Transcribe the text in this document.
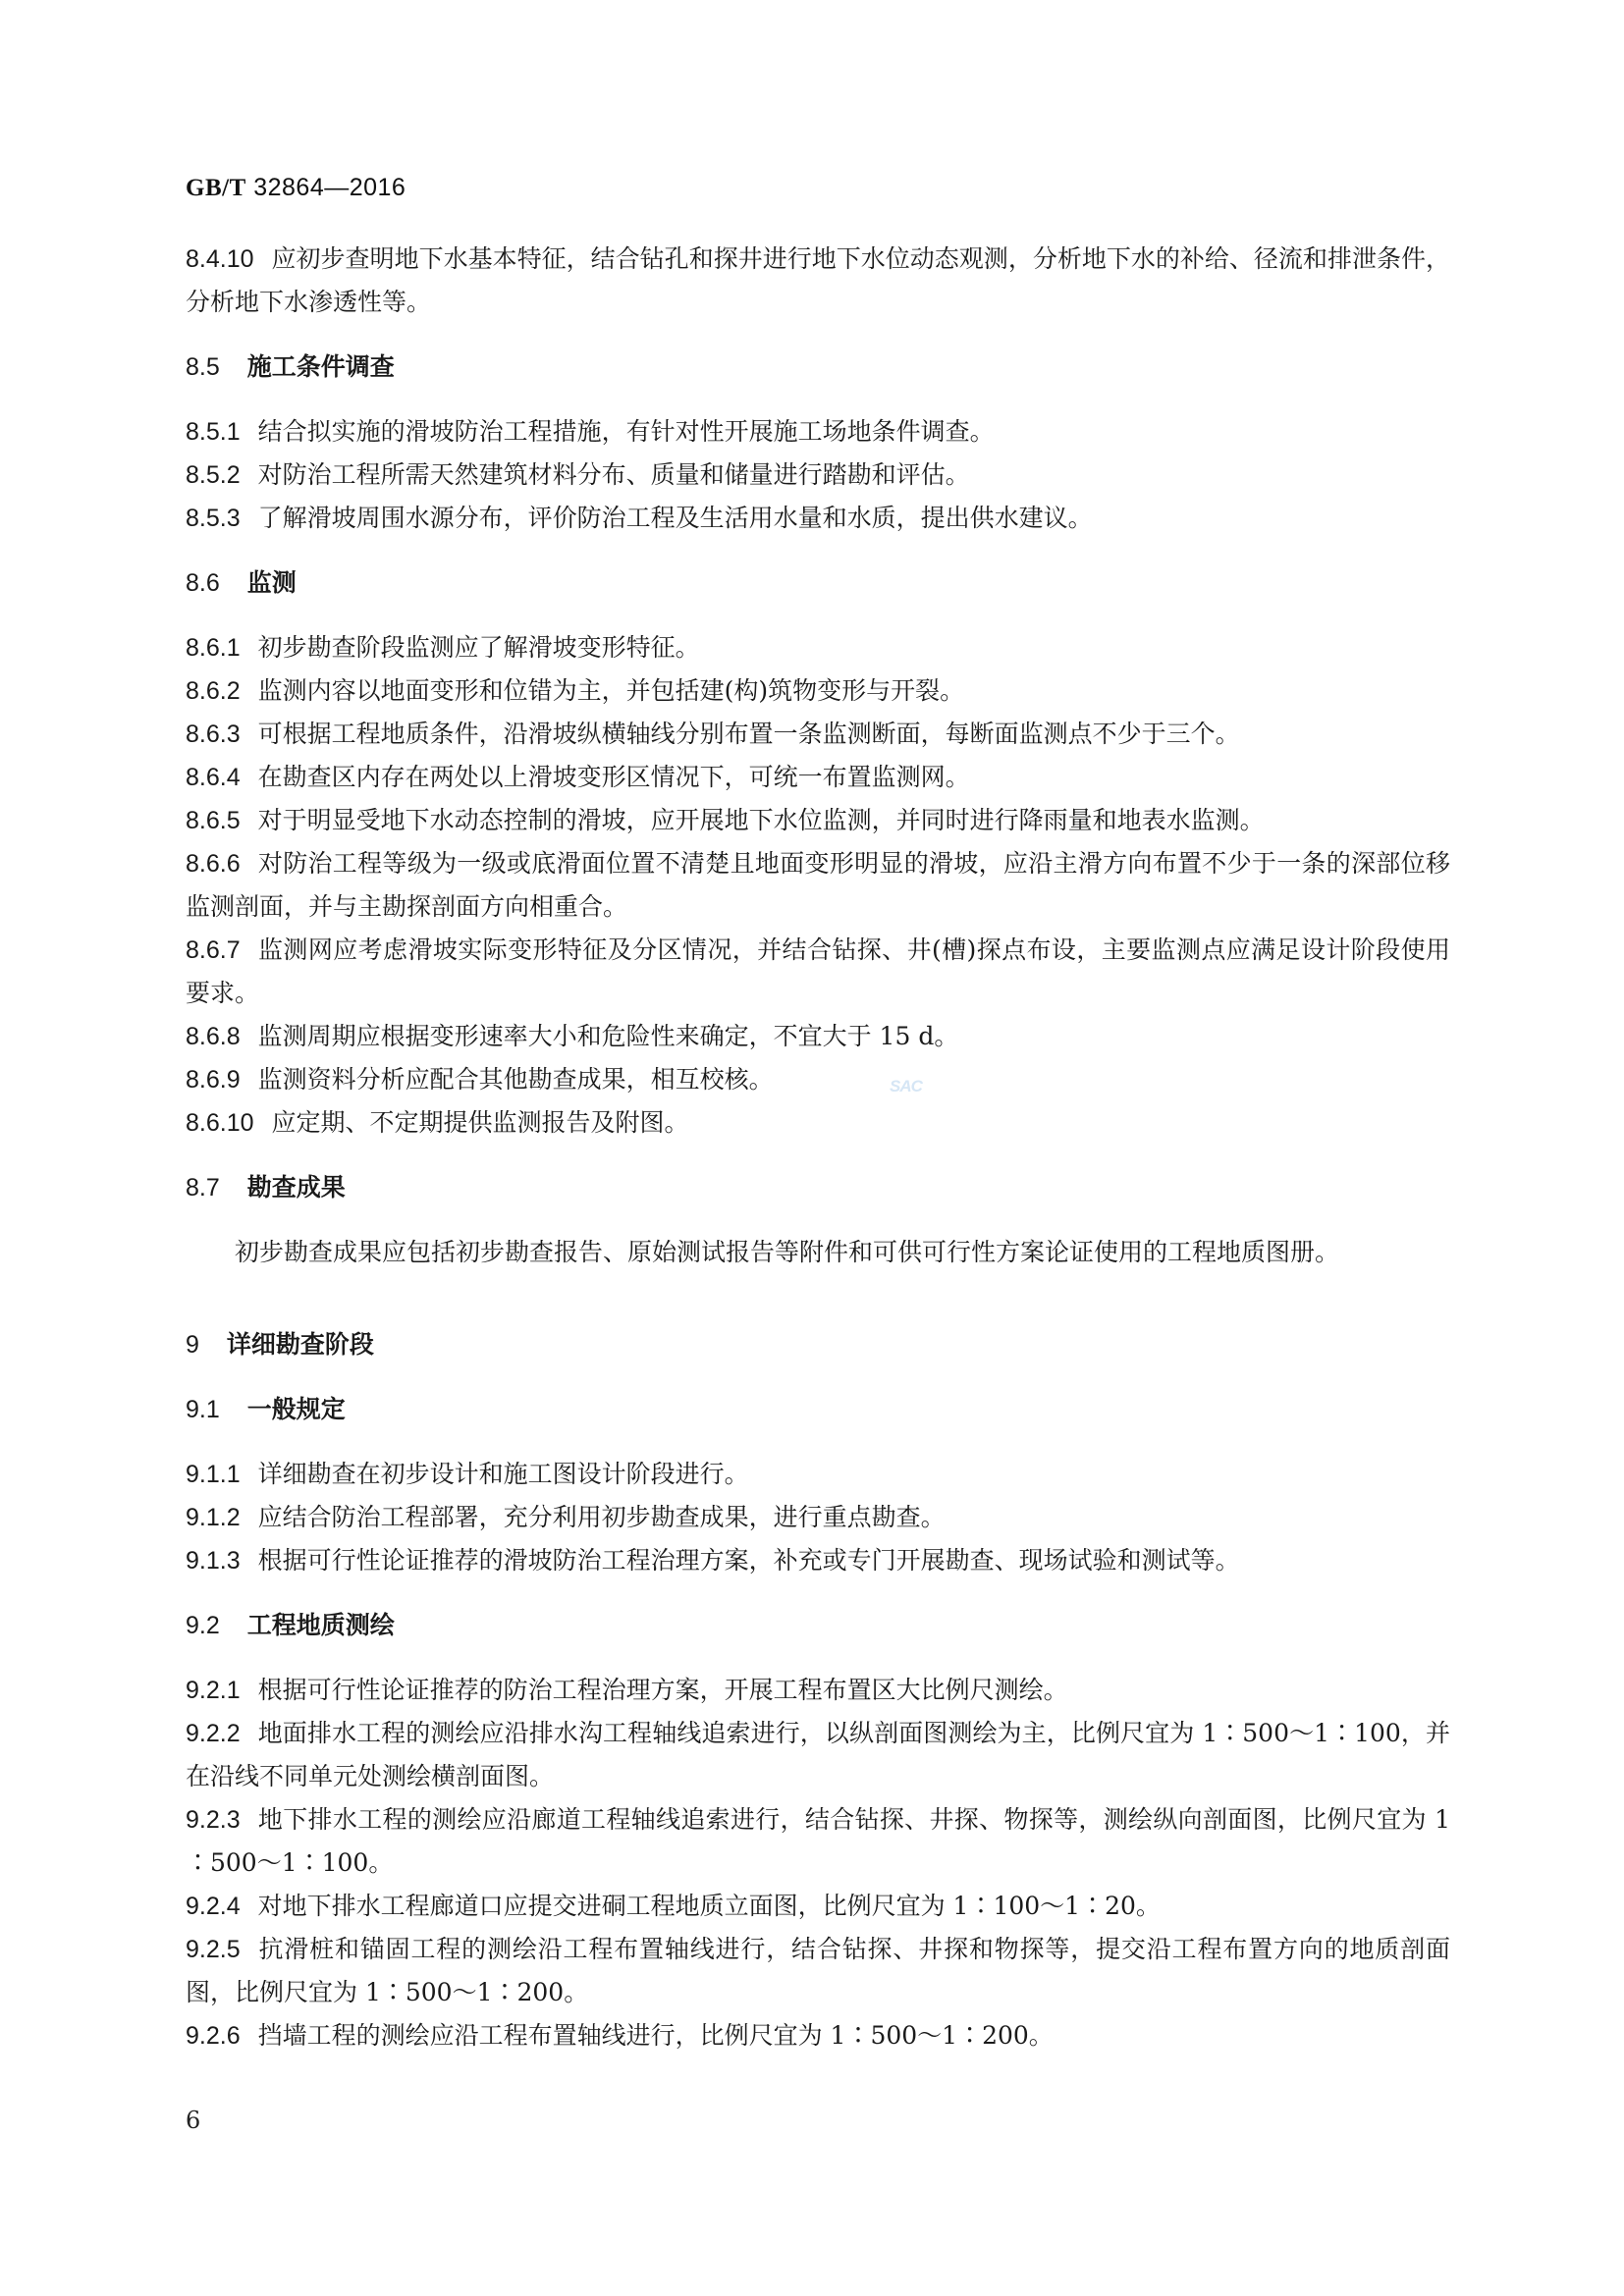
GB/T 32864—2016

8.4.10 应初步查明地下水基本特征，结合钻孔和探井进行地下水位动态观测，分析地下水的补给、径流和排泄条件，分析地下水渗透性等。

8.5 施工条件调查

8.5.1 结合拟实施的滑坡防治工程措施，有针对性开展施工场地条件调查。

8.5.2 对防治工程所需天然建筑材料分布、质量和储量进行踏勘和评估。

8.5.3 了解滑坡周围水源分布，评价防治工程及生活用水量和水质，提出供水建议。

8.6 监测

8.6.1 初步勘查阶段监测应了解滑坡变形特征。

8.6.2 监测内容以地面变形和位错为主，并包括建(构)筑物变形与开裂。

8.6.3 可根据工程地质条件，沿滑坡纵横轴线分别布置一条监测断面，每断面监测点不少于三个。

8.6.4 在勘查区内存在两处以上滑坡变形区情况下，可统一布置监测网。

8.6.5 对于明显受地下水动态控制的滑坡，应开展地下水位监测，并同时进行降雨量和地表水监测。

8.6.6 对防治工程等级为一级或底滑面位置不清楚且地面变形明显的滑坡，应沿主滑方向布置不少于一条的深部位移监测剖面，并与主勘探剖面方向相重合。

8.6.7 监测网应考虑滑坡实际变形特征及分区情况，并结合钻探、井(槽)探点布设，主要监测点应满足设计阶段使用要求。

8.6.8 监测周期应根据变形速率大小和危险性来确定，不宜大于 15 d。

8.6.9 监测资料分析应配合其他勘查成果，相互校核。

8.6.10 应定期、不定期提供监测报告及附图。

8.7 勘查成果

初步勘查成果应包括初步勘查报告、原始测试报告等附件和可供可行性方案论证使用的工程地质图册。

9 详细勘查阶段

9.1 一般规定

9.1.1 详细勘查在初步设计和施工图设计阶段进行。

9.1.2 应结合防治工程部署，充分利用初步勘查成果，进行重点勘查。

9.1.3 根据可行性论证推荐的滑坡防治工程治理方案，补充或专门开展勘查、现场试验和测试等。

9.2 工程地质测绘

9.2.1 根据可行性论证推荐的防治工程治理方案，开展工程布置区大比例尺测绘。

9.2.2 地面排水工程的测绘应沿排水沟工程轴线追索进行，以纵剖面图测绘为主，比例尺宜为 1∶500～1∶100，并在沿线不同单元处测绘横剖面图。

9.2.3 地下排水工程的测绘应沿廊道工程轴线追索进行，结合钻探、井探、物探等，测绘纵向剖面图，比例尺宜为 1∶500～1∶100。

9.2.4 对地下排水工程廊道口应提交进硐工程地质立面图，比例尺宜为 1∶100～1∶20。

9.2.5 抗滑桩和锚固工程的测绘沿工程布置轴线进行，结合钻探、井探和物探等，提交沿工程布置方向的地质剖面图，比例尺宜为 1∶500～1∶200。

9.2.6 挡墙工程的测绘应沿工程布置轴线进行，比例尺宜为 1∶500～1∶200。

SAC
6
